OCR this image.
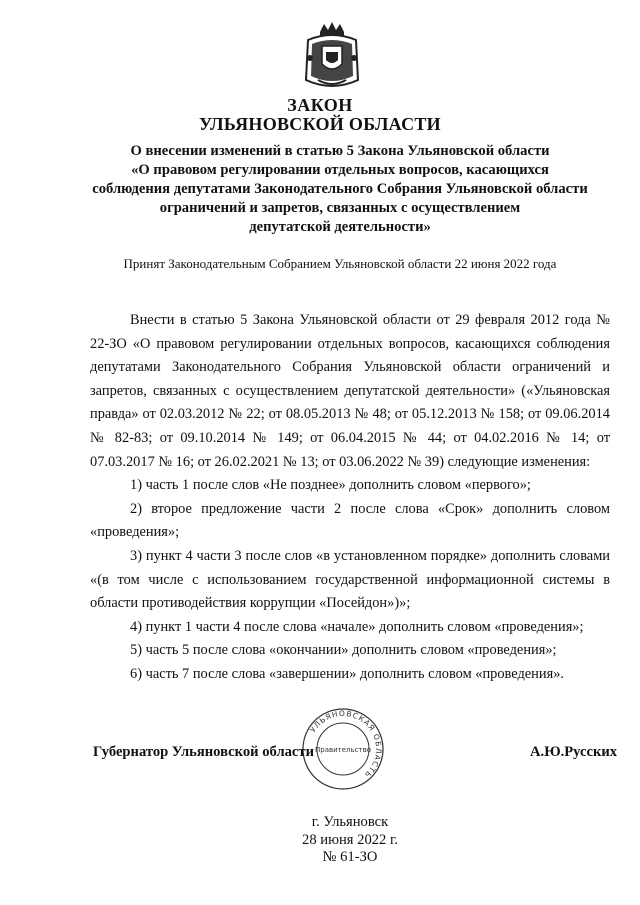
ЗАКОН
УЛЬЯНОВСКОЙ ОБЛАСТИ
О внесении изменений в статью 5 Закона Ульяновской области
«О правовом регулировании отдельных вопросов, касающихся
соблюдения депутатами Законодательного Собрания Ульяновской области
ограничений и запретов, связанных с осуществлением
депутатской деятельности»
Принят Законодательным Собранием Ульяновской области 22 июня 2022 года

Внести в статью 5 Закона Ульяновской области от 29 февраля 2012 года № 22-ЗО «О правовом регулировании отдельных вопросов, касающихся соблюдения депутатами Законодательного Собрания Ульяновской области ограничений и запретов, связанных с осуществлением депутатской деятельности» («Ульяновская правда» от 02.03.2012 № 22; от 08.05.2013 № 48; от 05.12.2013 № 158; от 09.06.2014 № 82-83; от 09.10.2014 № 149; от 06.04.2015 № 44; от 04.02.2016 № 14; от 07.03.2017 № 16; от 26.02.2021 № 13; от 03.06.2022 № 39) следующие изменения:

1) часть 1 после слов «Не позднее» дополнить словом «первого»;

2) второе предложение части 2 после слова «Срок» дополнить словом «проведения»;

3) пункт 4 части 3 после слов «в установленном порядке» дополнить словами «(в том числе с использованием государственной информационной системы в области противодействия коррупции «Посейдон»)»;

4) пункт 1 части 4 после слова «начале» дополнить словом «проведения»;

5) часть 5 после слова «окончании» дополнить словом «проведения»;

6) часть 7 после слова «завершении» дополнить словом «проведения».

УЛЬЯНОВСКАЯ ОБЛАСТЬ
Правительство
Губернатор Ульяновской области	А.Ю.Русских
г. Ульяновск
28 июня 2022 г.
№ 61-ЗО
